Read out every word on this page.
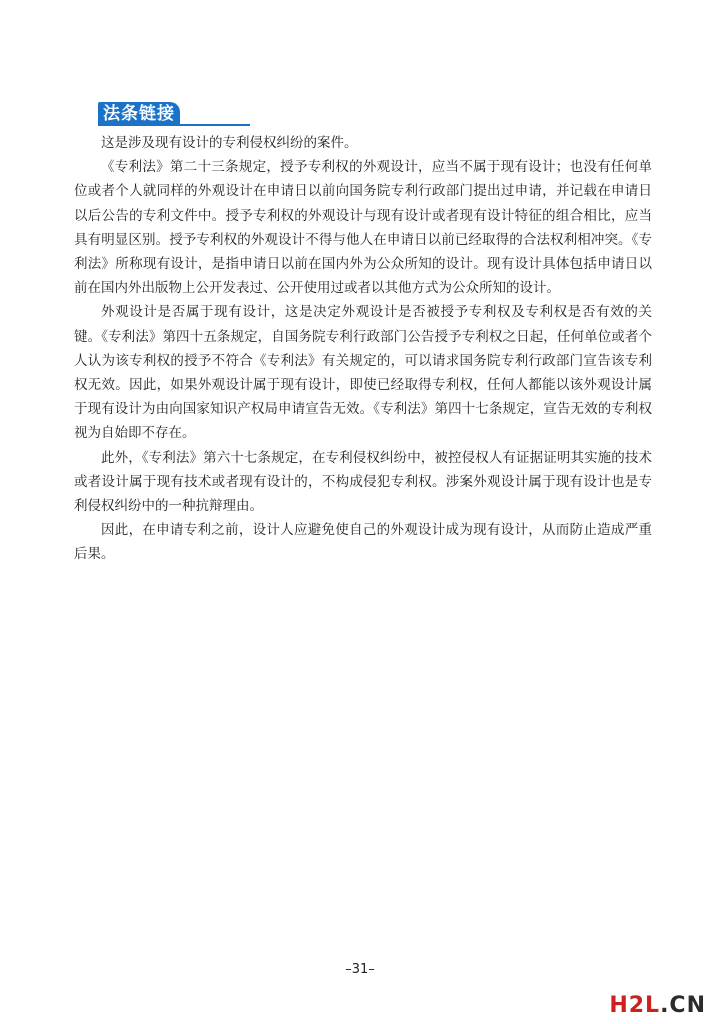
法条链接

这是涉及现有设计的专利侵权纠纷的案件。

《专利法》第二十三条规定，授予专利权的外观设计，应当不属于现有设计；也没有任何单位或者个人就同样的外观设计在申请日以前向国务院专利行政部门提出过申请，并记载在申请日以后公告的专利文件中。授予专利权的外观设计与现有设计或者现有设计特征的组合相比，应当具有明显区别。授予专利权的外观设计不得与他人在申请日以前已经取得的合法权利相冲突。《专利法》所称现有设计，是指申请日以前在国内外为公众所知的设计。现有设计具体包括申请日以前在国内外出版物上公开发表过、公开使用过或者以其他方式为公众所知的设计。

外观设计是否属于现有设计，这是决定外观设计是否被授予专利权及专利权是否有效的关键。《专利法》第四十五条规定，自国务院专利行政部门公告授予专利权之日起，任何单位或者个人认为该专利权的授予不符合《专利法》有关规定的，可以请求国务院专利行政部门宣告该专利权无效。因此，如果外观设计属于现有设计，即使已经取得专利权，任何人都能以该外观设计属于现有设计为由向国家知识产权局申请宣告无效。《专利法》第四十七条规定，宣告无效的专利权视为自始即不存在。

此外，《专利法》第六十七条规定，在专利侵权纠纷中，被控侵权人有证据证明其实施的技术或者设计属于现有技术或者现有设计的，不构成侵犯专利权。涉案外观设计属于现有设计也是专利侵权纠纷中的一种抗辩理由。

因此，在申请专利之前，设计人应避免使自己的外观设计成为现有设计，从而防止造成严重后果。

–31–
H2L.CN
